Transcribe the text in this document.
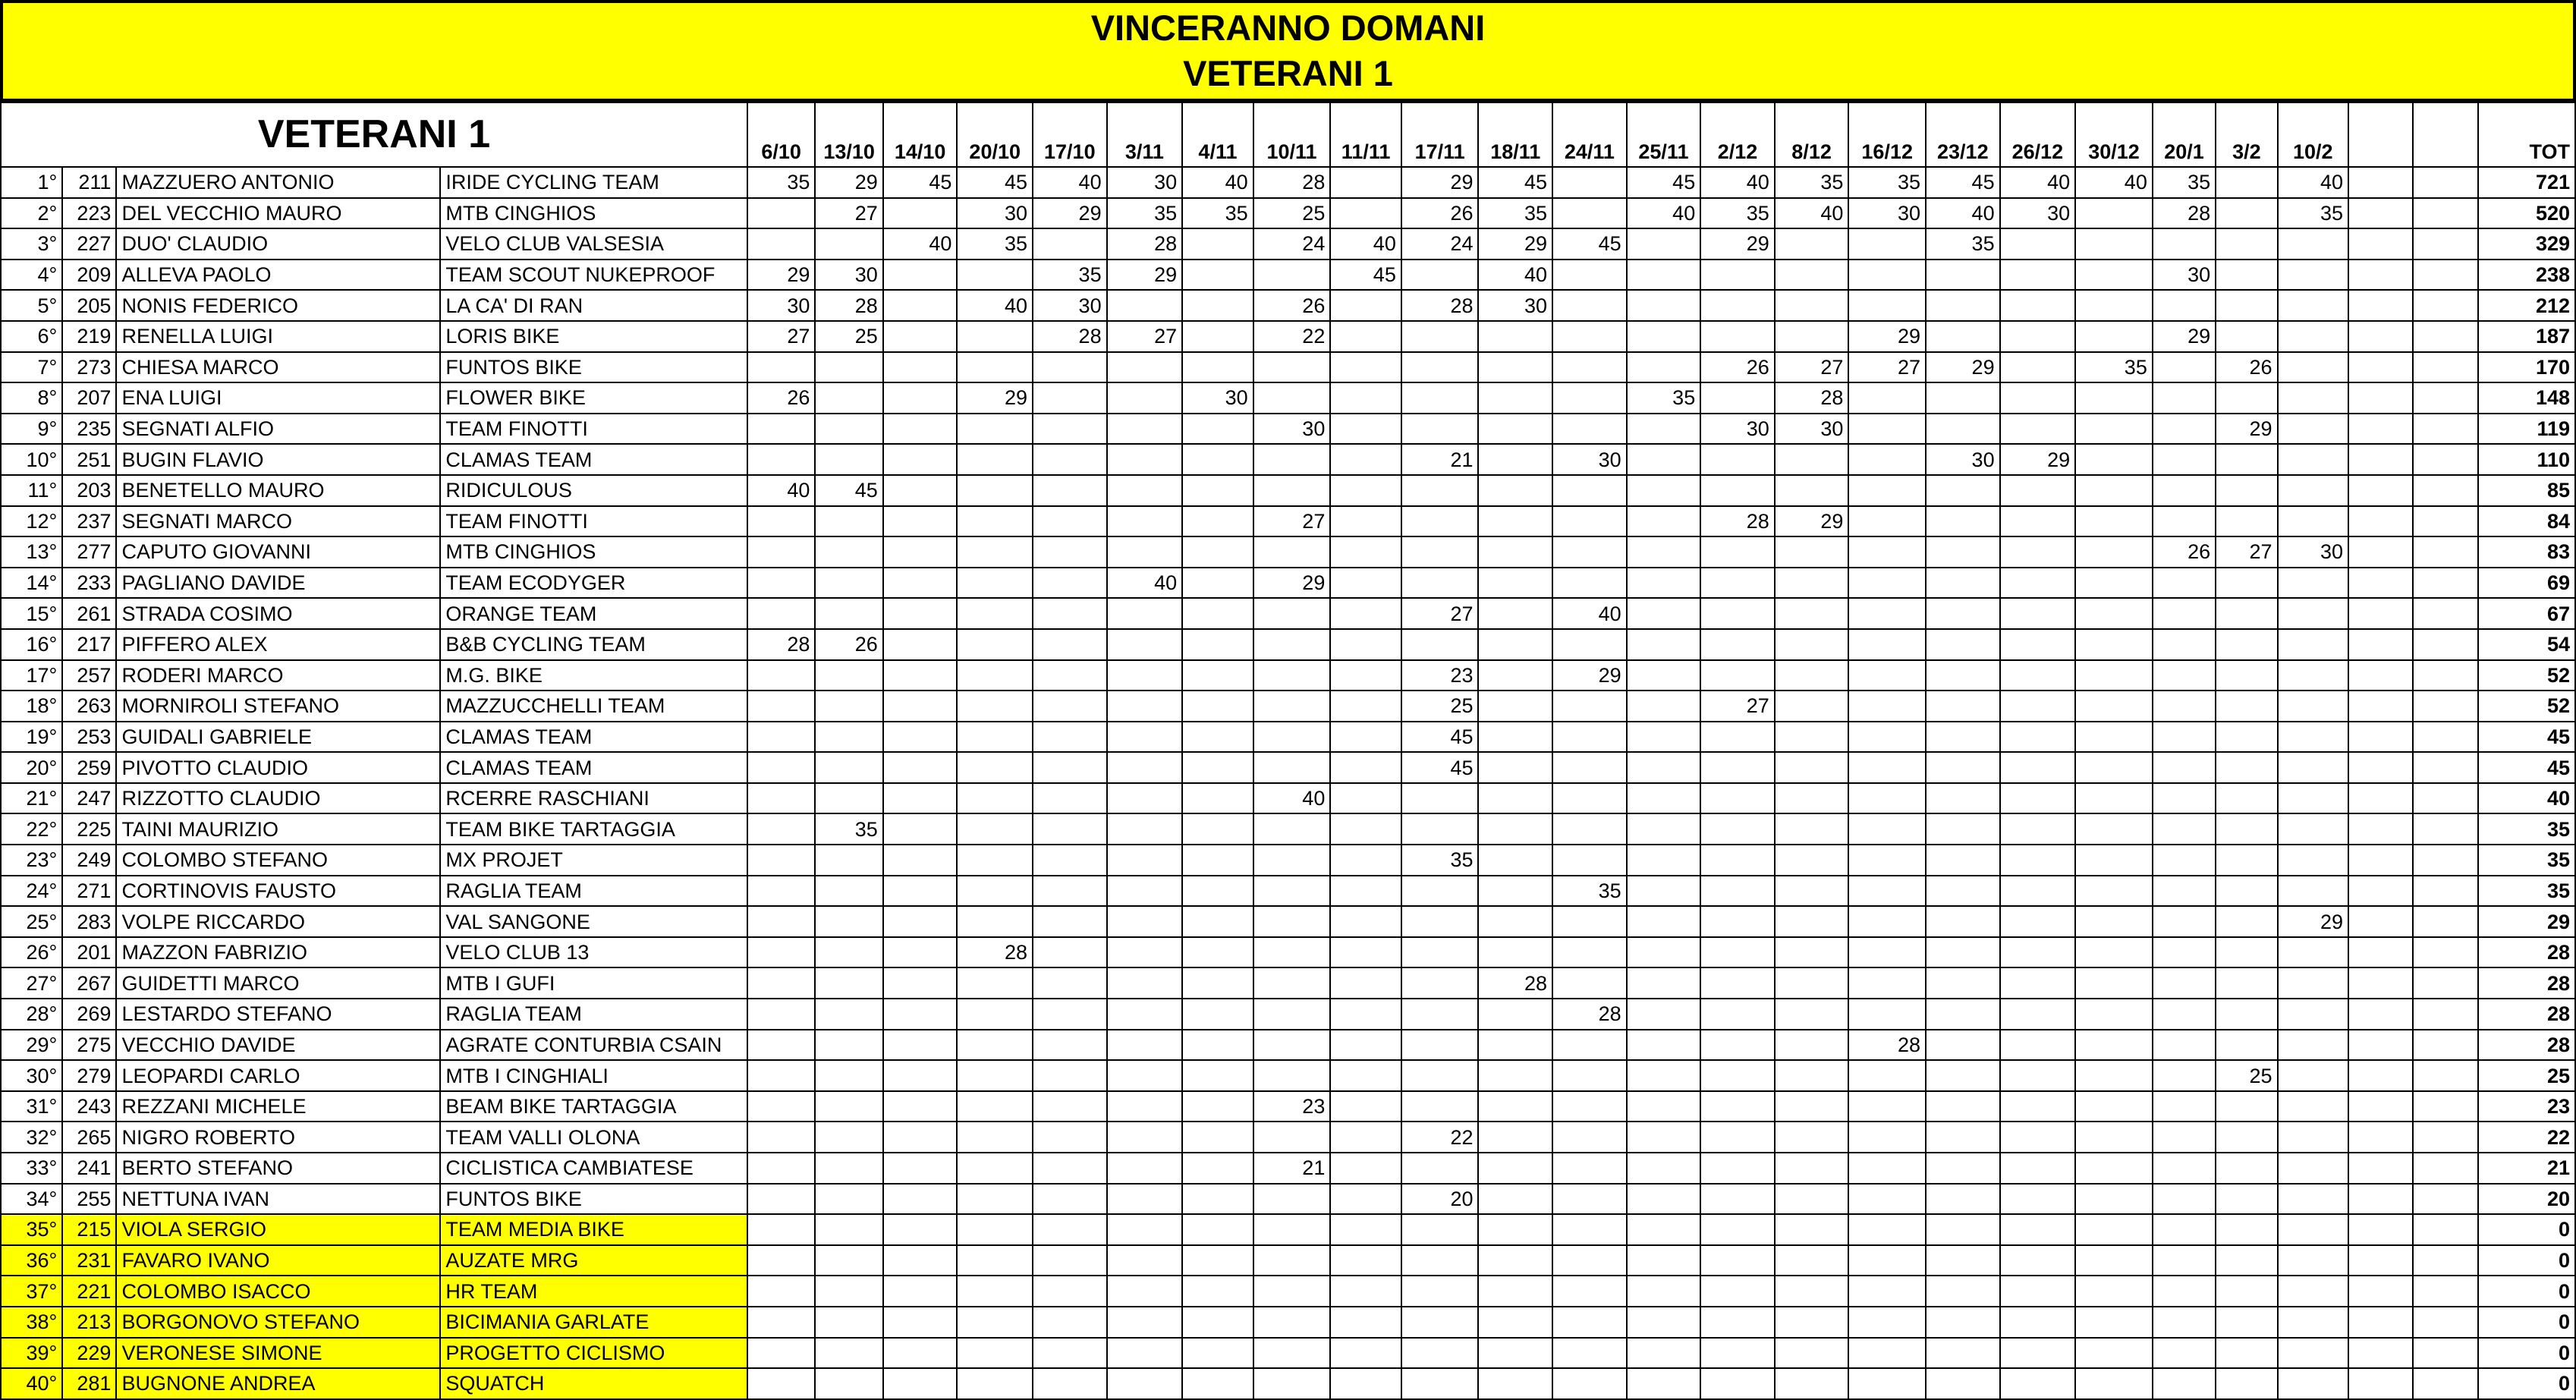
VINCERANNO DOMANI
VETERANI 1
VETERANI 1				6/10	13/10	14/10	20/10	17/10	3/11	4/11	10/11	11/11	17/11	18/11	24/11	25/11	2/12	8/12	16/12	23/12	26/12	30/12	20/1	3/2	10/2			TOT
1°	211	MAZZUERO ANTONIO	IRIDE CYCLING TEAM	35	29	45	45	40	30	40	28		29	45		45	40	35	35	45	40	40	35		40			721
2°	223	DEL VECCHIO MAURO	MTB CINGHIOS		27		30	29	35	35	25		26	35		40	35	40	30	40	30		28		35			520
3°	227	DUO' CLAUDIO	VELO CLUB VALSESIA			40	35		28		24	40	24	29	45		29			35								329
4°	209	ALLEVA PAOLO	TEAM SCOUT NUKEPROOF	29	30			35	29			45		40									30					238
5°	205	NONIS FEDERICO	LA CA' DI RAN	30	28		40	30			26		28	30														212
6°	219	RENELLA LUIGI	LORIS BIKE	27	25			28	27		22								29				29					187
7°	273	CHIESA MARCO	FUNTOS BIKE														26	27	27	29		35		26				170
8°	207	ENA LUIGI	FLOWER BIKE	26			29			30						35		28										148
9°	235	SEGNATI ALFIO	TEAM FINOTTI								30						30	30						29				119
10°	251	BUGIN FLAVIO	CLAMAS TEAM										21		30					30	29							110
11°	203	BENETELLO MAURO	RIDICULOUS	40	45																							85
12°	237	SEGNATI MARCO	TEAM FINOTTI								27						28	29										84
13°	277	CAPUTO GIOVANNI	MTB CINGHIOS																				26	27	30			83
14°	233	PAGLIANO DAVIDE	TEAM ECODYGER						40		29																	69
15°	261	STRADA COSIMO	ORANGE TEAM										27		40													67
16°	217	PIFFERO ALEX	B&B CYCLING TEAM	28	26																							54
17°	257	RODERI MARCO	M.G. BIKE										23		29													52
18°	263	MORNIROLI STEFANO	MAZZUCCHELLI TEAM										25				27											52
19°	253	GUIDALI GABRIELE	CLAMAS TEAM										45															45
20°	259	PIVOTTO CLAUDIO	CLAMAS TEAM										45															45
21°	247	RIZZOTTO CLAUDIO	RCERRE RASCHIANI								40																	40
22°	225	TAINI MAURIZIO	TEAM BIKE TARTAGGIA		35																							35
23°	249	COLOMBO STEFANO	MX PROJET										35															35
24°	271	CORTINOVIS FAUSTO	RAGLIA TEAM												35													35
25°	283	VOLPE RICCARDO	VAL SANGONE																						29			29
26°	201	MAZZON FABRIZIO	VELO CLUB 13				28																					28
27°	267	GUIDETTI MARCO	MTB I GUFI											28														28
28°	269	LESTARDO STEFANO	RAGLIA TEAM												28													28
29°	275	VECCHIO DAVIDE	AGRATE CONTURBIA CSAIN																28									28
30°	279	LEOPARDI CARLO	MTB I CINGHIALI																					25				25
31°	243	REZZANI MICHELE	BEAM BIKE TARTAGGIA								23																	23
32°	265	NIGRO ROBERTO	TEAM VALLI OLONA										22															22
33°	241	BERTO STEFANO	CICLISTICA CAMBIATESE								21																	21
34°	255	NETTUNA IVAN	FUNTOS BIKE										20															20
35°	215	VIOLA SERGIO	TEAM MEDIA BIKE																									0
36°	231	FAVARO IVANO	AUZATE MRG																									0
37°	221	COLOMBO ISACCO	HR TEAM																									0
38°	213	BORGONOVO STEFANO	BICIMANIA GARLATE																									0
39°	229	VERONESE SIMONE	PROGETTO CICLISMO																									0
40°	281	BUGNONE ANDREA	SQUATCH																									0
